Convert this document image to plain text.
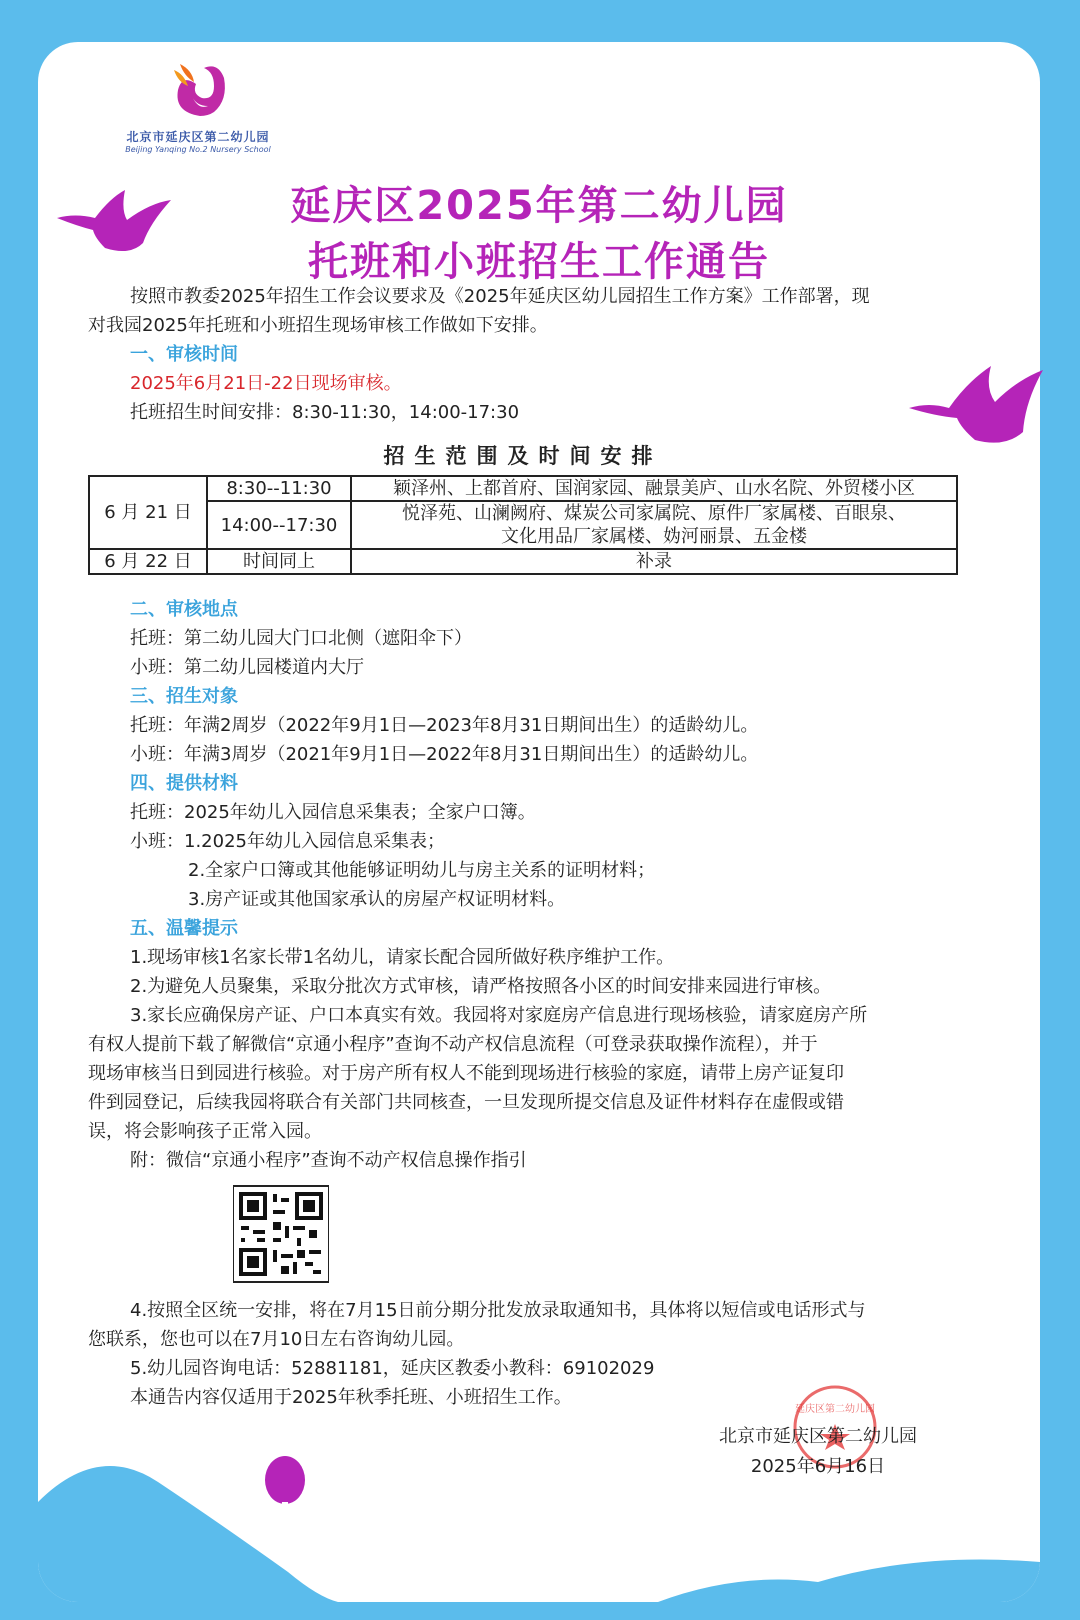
北京市延庆区第二幼儿园
Beijing Yanqing No.2 Nursery School
延庆区2025年第二幼儿园
托班和小班招生工作通告
按照市教委2025年招生工作会议要求及《2025年延庆区幼儿园招生工作方案》工作部署，现
对我园2025年托班和小班招生现场审核工作做如下安排。
一、审核时间
2025年6月21日-22日现场审核。
托班招生时间安排：8:30-11:30，14:00-17:30
招生范围及时间安排
6 月 21 日	8:30--11:30	颖泽州、上都首府、国润家园、融景美庐、山水名院、外贸楼小区
	14:00--17:30	悦泽苑、山澜阙府、煤炭公司家属院、原件厂家属楼、百眼泉、
文化用品厂家属楼、妫河丽景、五金楼

6 月 22 日	时间同上	补录
二、审核地点
托班：第二幼儿园大门口北侧（遮阳伞下）
小班：第二幼儿园楼道内大厅
三、招生对象
托班：年满2周岁（2022年9月1日—2023年8月31日期间出生）的适龄幼儿。
小班：年满3周岁（2021年9月1日—2022年8月31日期间出生）的适龄幼儿。
四、提供材料
托班：2025年幼儿入园信息采集表；全家户口簿。
小班：1.2025年幼儿入园信息采集表；
2.全家户口簿或其他能够证明幼儿与房主关系的证明材料；
3.房产证或其他国家承认的房屋产权证明材料。
五、温馨提示
1.现场审核1名家长带1名幼儿，请家长配合园所做好秩序维护工作。
2.为避免人员聚集，采取分批次方式审核，请严格按照各小区的时间安排来园进行审核。
3.家长应确保房产证、户口本真实有效。我园将对家庭房产信息进行现场核验，请家庭房产所
有权人提前下载了解微信“京通小程序”查询不动产权信息流程（可登录获取操作流程），并于
现场审核当日到园进行核验。对于房产所有权人不能到现场进行核验的家庭，请带上房产证复印
件到园登记，后续我园将联合有关部门共同核查，一旦发现所提交信息及证件材料存在虚假或错
误，将会影响孩子正常入园。
附：微信“京通小程序”查询不动产权信息操作指引
4.按照全区统一安排，将在7月15日前分期分批发放录取通知书，具体将以短信或电话形式与
您联系，您也可以在7月10日左右咨询幼儿园。
5.幼儿园咨询电话：52881181，延庆区教委小教科：69102029
本通告内容仅适用于2025年秋季托班、小班招生工作。
延庆区第二幼儿园
北京市延庆区第二幼儿园
2025年6月16日
